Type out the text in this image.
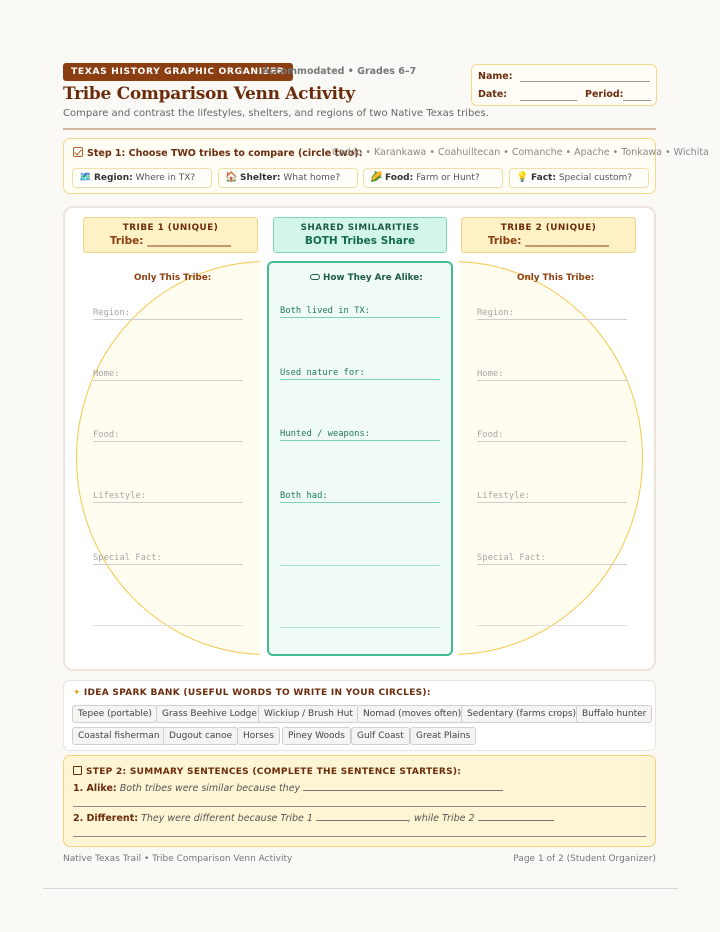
TEXAS HISTORY GRAPHIC ORGANIZER
Accommodated • Grades 6–7
Tribe Comparison Venn Activity
Compare and contrast the lifestyles, shelters, and regions of two Native Texas tribes.
Name:
Date:	Period:
Step 1: Choose TWO tribes to compare (circle two):
Caddo • Karankawa • Coahuiltecan • Comanche • Apache • Tonkawa • Wichita
🗺️ Region: Where in TX?	🏠 Shelter: What home?	🌽 Food: Farm or Hunt?	💡 Fact: Special custom?
TRIBE 1 (UNIQUE)
Tribe: ________________
SHARED SIMILARITIES
BOTH Tribes Share
TRIBE 2 (UNIQUE)
Tribe: ________________
Only This Tribe:	How They Are Alike:	Only This Tribe:
Region:
Home:
Food:
Lifestyle:
Special Fact:
Both lived in TX:
Used nature for:
Hunted / weapons:
Both had:
Region:
Home:
Food:
Lifestyle:
Special Fact:
✦ IDEA SPARK BANK (USEFUL WORDS TO WRITE IN YOUR CIRCLES):
Tepee (portable)	Grass Beehive Lodge Wickiup / Brush Hut	Nomad (moves often) Sedentary (farms crops) Buffalo hunter
Coastal fisherman	Dugout canoe	Horses	Piney Woods	Gulf Coast	Great Plains
STEP 2: SUMMARY SENTENCES (COMPLETE THE SENTENCE STARTERS):
1. Alike: Both tribes were similar because they
2. Different: They were different because Tribe 1	, while Tribe 2
Native Texas Trail • Tribe Comparison Venn Activity	Page 1 of 2 (Student Organizer)
